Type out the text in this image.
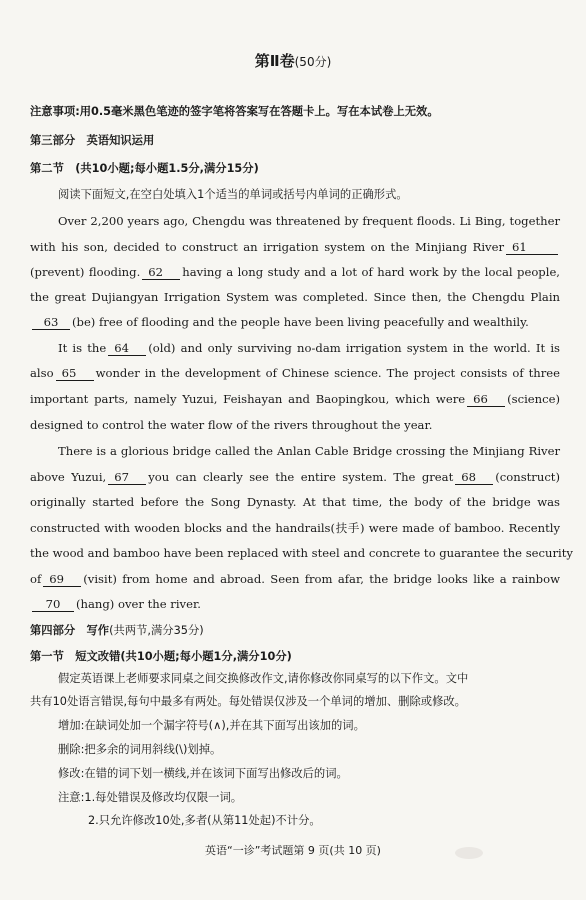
第Ⅱ卷(50分)
注意事项:用0.5毫米黑色笔迹的签字笔将答案写在答题卡上。写在本试卷上无效。
第三部分　英语知识运用
第二节　(共10小题;每小题1.5分,满分15分)
阅读下面短文,在空白处填入1个适当的单词或括号内单词的正确形式。
Over 2,200 years ago, Chengdu was threatened by frequent floods. Li Bing, together
with his son, decided to construct an irrigation system on the Minjiang River 61
(prevent) flooding. 62 having a long study and a lot of hard work by the local people,
the great Dujiangyan Irrigation System was completed. Since then, the Chengdu Plain
63 (be) free of flooding and the people have been living peacefully and wealthily.
It is the 64 (old) and only surviving no-dam irrigation system in the world. It is
also 65 wonder in the development of Chinese science. The project consists of three
important parts, namely Yuzui, Feishayan and Baopingkou, which were 66 (science)
designed to control the water flow of the rivers throughout the year.
There is a glorious bridge called the Anlan Cable Bridge crossing the Minjiang River
above Yuzui, 67 you can clearly see the entire system. The great 68 (construct)
originally started before the Song Dynasty. At that time, the body of the bridge was
constructed with wooden blocks and the handrails(扶手) were made of bamboo. Recently
the wood and bamboo have been replaced with steel and concrete to guarantee the security
of 69 (visit) from home and abroad. Seen from afar, the bridge looks like a rainbow
70 (hang) over the river.
第四部分　写作(共两节,满分35分)
第一节　短文改错(共10小题;每小题1分,满分10分)
假定英语课上老师要求同桌之间交换修改作文,请你修改你同桌写的以下作文。文中
共有10处语言错误,每句中最多有两处。每处错误仅涉及一个单词的增加、删除或修改。
增加:在缺词处加一个漏字符号(∧),并在其下面写出该加的词。
删除:把多余的词用斜线(\)划掉。
修改:在错的词下划一横线,并在该词下面写出修改后的词。
注意:1.每处错误及修改均仅限一词。
2.只允许修改10处,多者(从第11处起)不计分。
英语“一诊”考试题第 9 页(共 10 页)
